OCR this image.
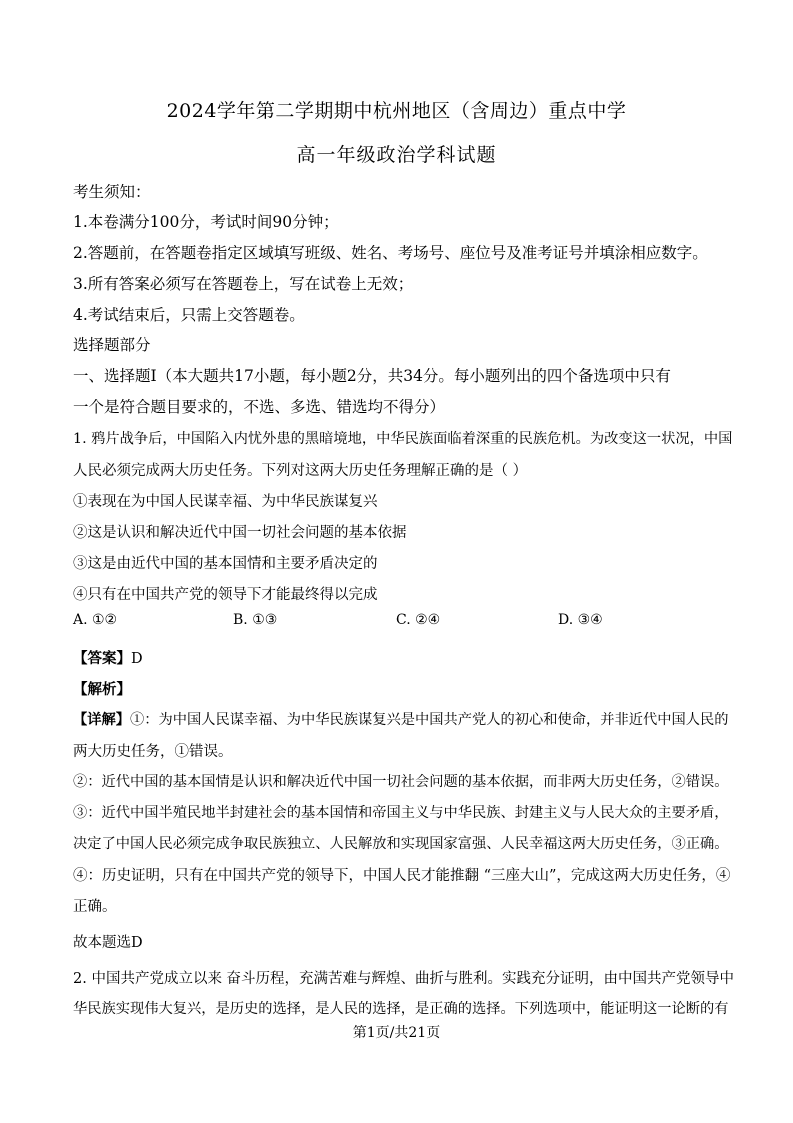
2024学年第二学期期中杭州地区（含周边）重点中学
高一年级政治学科试题
考生须知：
1.本卷满分100分，考试时间90分钟；
2.答题前，在答题卷指定区域填写班级、姓名、考场号、座位号及准考证号并填涂相应数字。
3.所有答案必须写在答题卷上，写在试卷上无效；
4.考试结束后，只需上交答题卷。
选择题部分
一、选择题Ⅰ（本大题共17小题，每小题2分，共34分。每小题列出的四个备选项中只有
一个是符合题目要求的，不选、多选、错选均不得分）
1. 鸦片战争后，中国陷入内忧外患的黑暗境地，中华民族面临着深重的民族危机。为改变这一状况，中国
人民必须完成两大历史任务。下列对这两大历史任务理解正确的是（ ）
①表现在为中国人民谋幸福、为中华民族谋复兴
②这是认识和解决近代中国一切社会问题的基本依据
③这是由近代中国的基本国情和主要矛盾决定的
④只有在中国共产党的领导下才能最终得以完成
A. ①②	B. ①③	C. ②④	D. ③④
【答案】D
【解析】
【详解】①：为中国人民谋幸福、为中华民族谋复兴是中国共产党人的初心和使命，并非近代中国人民的
两大历史任务，①错误。
②：近代中国的基本国情是认识和解决近代中国一切社会问题的基本依据，而非两大历史任务，②错误。
③：近代中国半殖民地半封建社会的基本国情和帝国主义与中华民族、封建主义与人民大众的主要矛盾，
决定了中国人民必须完成争取民族独立、人民解放和实现国家富强、人民幸福这两大历史任务，③正确。
④：历史证明，只有在中国共产党的领导下，中国人民才能推翻 “三座大山”，完成这两大历史任务，④
正确。
故本题选D
2. 中国共产党成立以来 奋斗历程，充满苦难与辉煌、曲折与胜利。实践充分证明，由中国共产党领导中
华民族实现伟大复兴，是历史的选择，是人民的选择，是正确的选择。下列选项中，能证明这一论断的有
第1页/共21页
